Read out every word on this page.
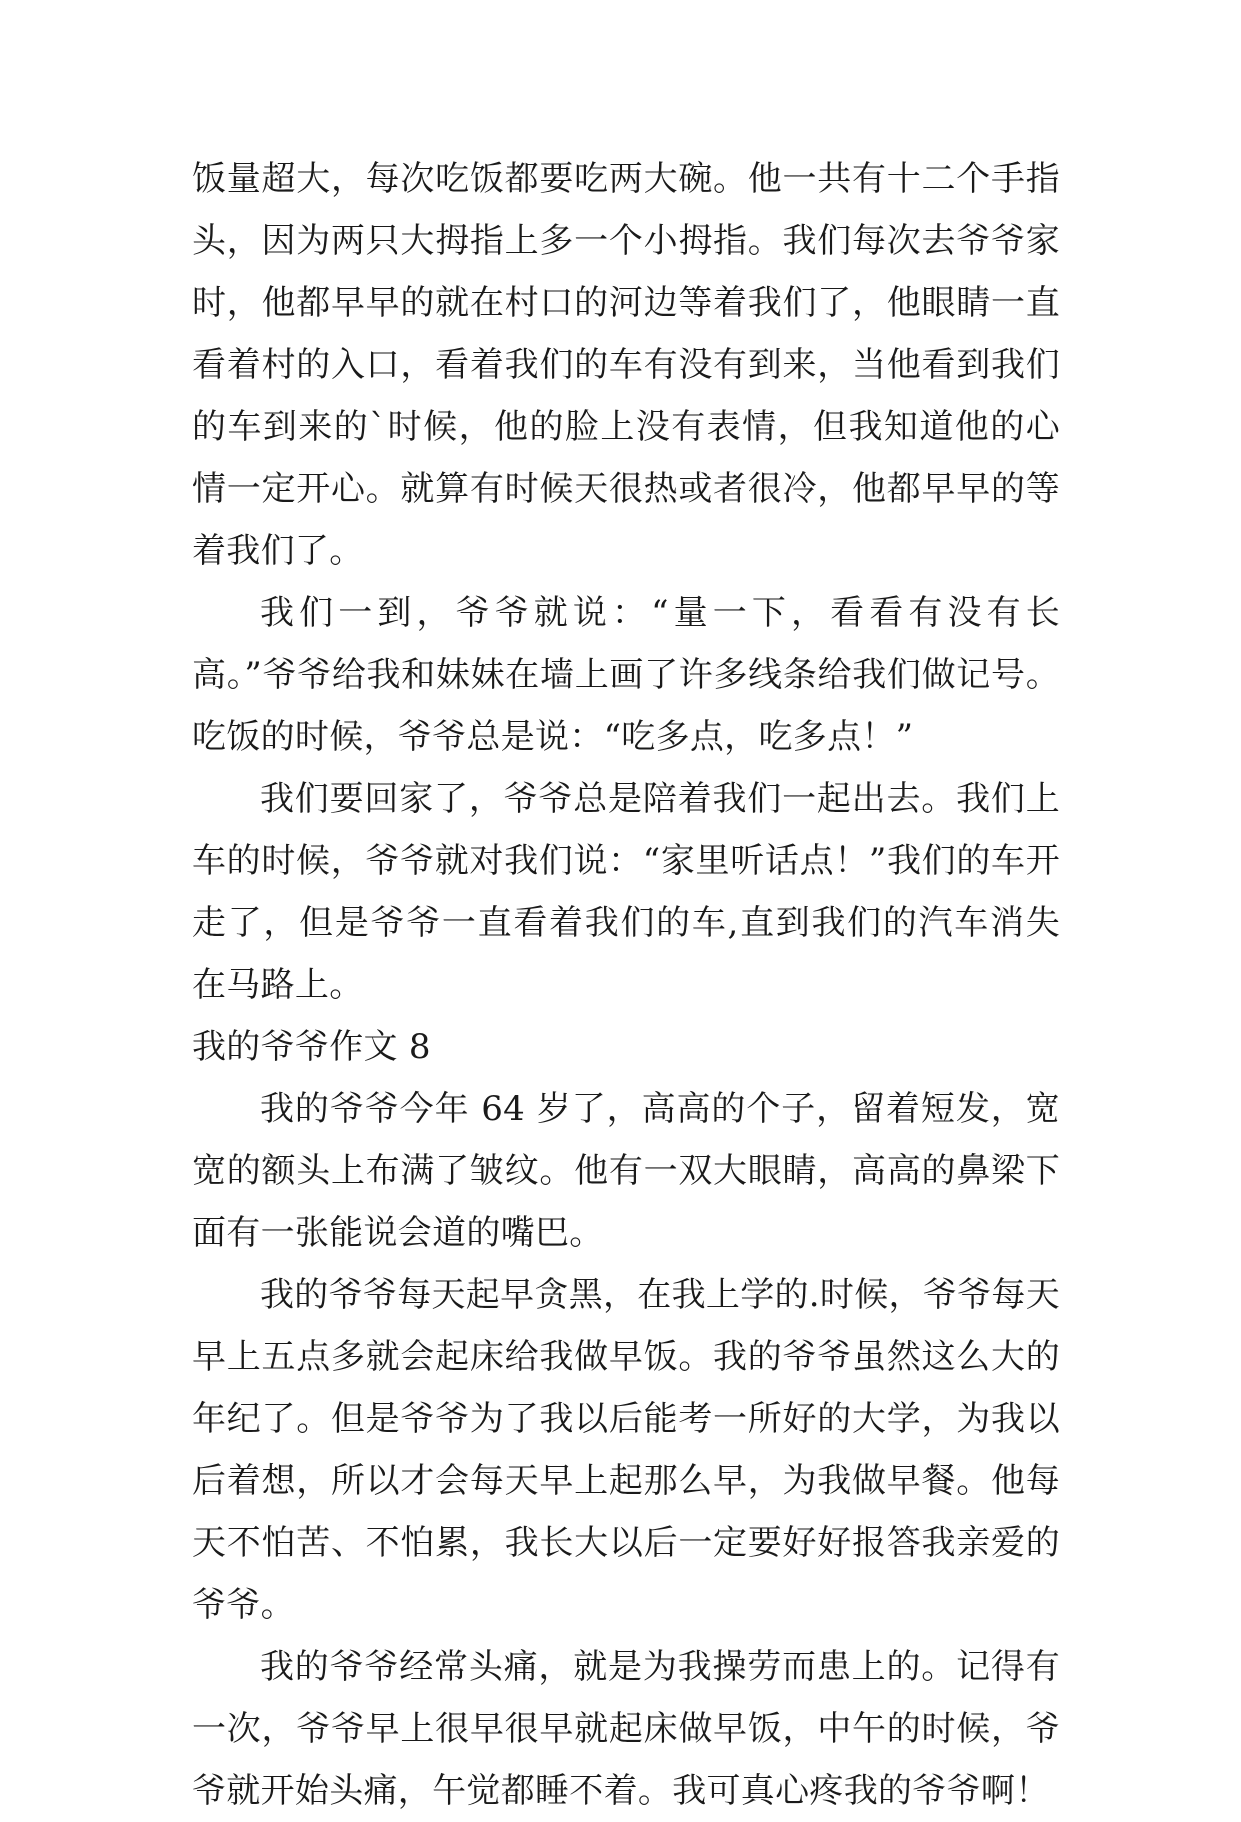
饭量超大，每次吃饭都要吃两大碗。他一共有十二个手指头，因为两只大拇指上多一个小拇指。我们每次去爷爷家时，他都早早的就在村口的河边等着我们了，他眼睛一直看着村的入口，看着我们的车有没有到来，当他看到我们的车到来的`时候，他的脸上没有表情，但我知道他的心情一定开心。就算有时候天很热或者很冷，他都早早的等着我们了。

我们一到，爷爷就说：“量一下，看看有没有长高。”爷爷给我和妹妹在墙上画了许多线条给我们做记号。吃饭的时候，爷爷总是说：“吃多点，吃多点！”

我们要回家了，爷爷总是陪着我们一起出去。我们上车的时候，爷爷就对我们说：“家里听话点！”我们的车开走了，但是爷爷一直看着我们的车,直到我们的汽车消失在马路上。

我的爷爷作文 8

我的爷爷今年 64 岁了，高高的个子，留着短发，宽宽的额头上布满了皱纹。他有一双大眼睛，高高的鼻梁下面有一张能说会道的嘴巴。

我的爷爷每天起早贪黑，在我上学的.时候，爷爷每天早上五点多就会起床给我做早饭。我的爷爷虽然这么大的年纪了。但是爷爷为了我以后能考一所好的大学，为我以后着想，所以才会每天早上起那么早，为我做早餐。他每天不怕苦、不怕累，我长大以后一定要好好报答我亲爱的爷爷。

我的爷爷经常头痛，就是为我操劳而患上的。记得有一次，爷爷早上很早很早就起床做早饭，中午的时候，爷爷就开始头痛，午觉都睡不着。我可真心疼我的爷爷啊！
